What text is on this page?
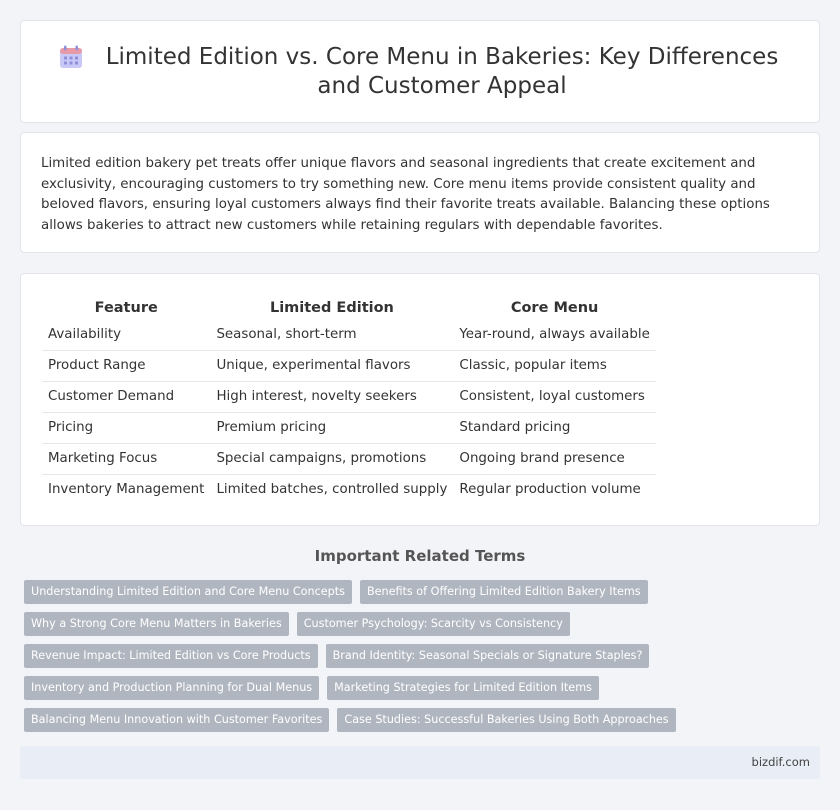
Limited Edition vs. Core Menu in Bakeries: Key Differences and Customer Appeal

Limited edition bakery pet treats offer unique flavors and seasonal ingredients that create excitement and exclusivity, encouraging customers to try something new. Core menu items provide consistent quality and beloved flavors, ensuring loyal customers always find their favorite treats available. Balancing these options allows bakeries to attract new customers while retaining regulars with dependable favorites.

Feature	Limited Edition	Core Menu
Availability	Seasonal, short-term	Year-round, always available
Product Range	Unique, experimental flavors	Classic, popular items
Customer Demand	High interest, novelty seekers	Consistent, loyal customers
Pricing	Premium pricing	Standard pricing
Marketing Focus	Special campaigns, promotions	Ongoing brand presence
Inventory Management	Limited batches, controlled supply	Regular production volume
Important Related Terms
Understanding Limited Edition and Core Menu Concepts	Benefits of Offering Limited Edition Bakery Items
Why a Strong Core Menu Matters in Bakeries	Customer Psychology: Scarcity vs Consistency
Revenue Impact: Limited Edition vs Core Products	Brand Identity: Seasonal Specials or Signature Staples?
Inventory and Production Planning for Dual Menus	Marketing Strategies for Limited Edition Items
Balancing Menu Innovation with Customer Favorites	Case Studies: Successful Bakeries Using Both Approaches
bizdif.com
